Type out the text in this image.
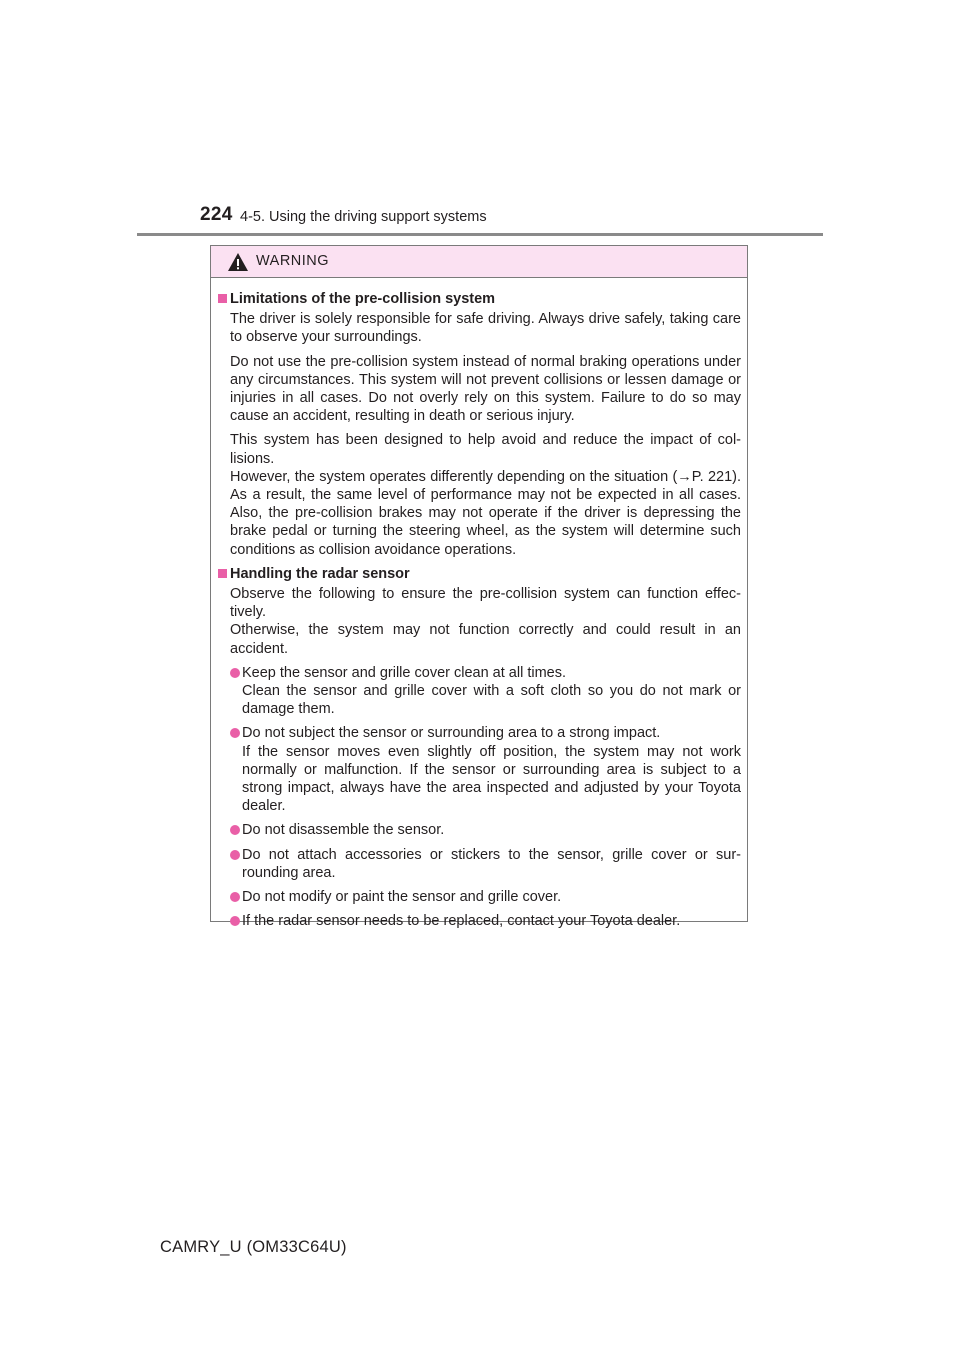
224 4-5. Using the driving support systems
WARNING
Limitations of the pre-collision system

The driver is solely responsible for safe driving. Always drive safely, taking care to observe your surroundings.

Do not use the pre-collision system instead of normal braking operations under any circumstances. This system will not prevent collisions or lessen damage or injuries in all cases. Do not overly rely on this system. Failure to do so may cause an accident, resulting in death or serious injury.

This system has been designed to help avoid and reduce the impact of col-lisions.
However, the system operates differently depending on the situation (→P. 221). As a result, the same level of performance may not be expected in all cases. Also, the pre-collision brakes may not operate if the driver is depressing the brake pedal or turning the steering wheel, as the system will determine such conditions as collision avoidance operations.

Handling the radar sensor

Observe the following to ensure the pre-collision system can function effec-tively.
Otherwise, the system may not function correctly and could result in an accident.

Keep the sensor and grille cover clean at all times.
Clean the sensor and grille cover with a soft cloth so you do not mark or damage them.
Do not subject the sensor or surrounding area to a strong impact.
If the sensor moves even slightly off position, the system may not work normally or malfunction. If the sensor or surrounding area is subject to a strong impact, always have the area inspected and adjusted by your Toyota dealer.
Do not disassemble the sensor.
Do not attach accessories or stickers to the sensor, grille cover or sur-rounding area.
Do not modify or paint the sensor and grille cover.
If the radar sensor needs to be replaced, contact your Toyota dealer.
CAMRY_U (OM33C64U)
